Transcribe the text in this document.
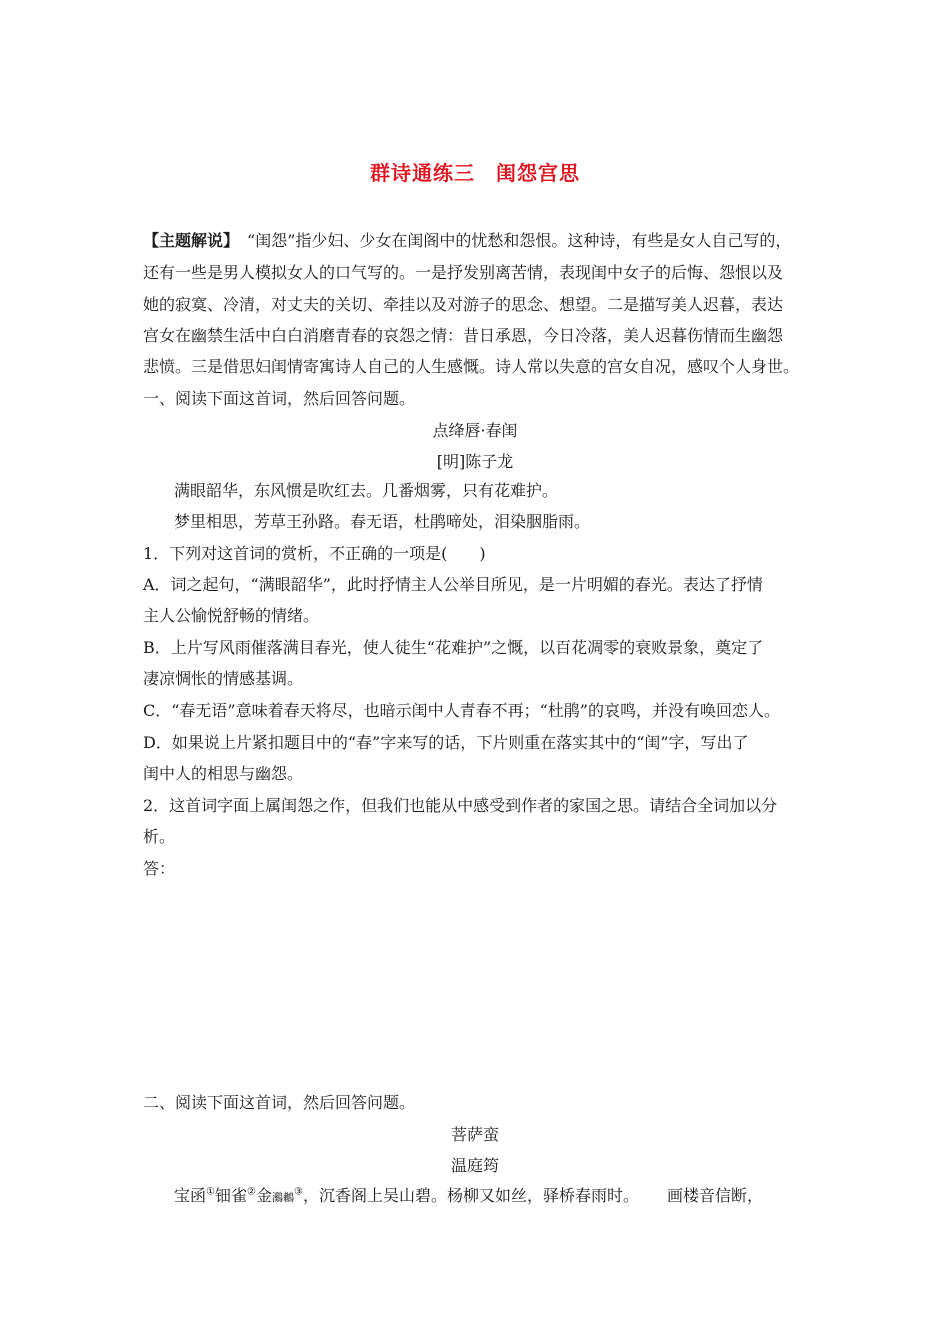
群诗通练三　闺怨宫思
【主题解说】 “闺怨”指少妇、少女在闺阁中的忧愁和怨恨。这种诗，有些是女人自己写的，
还有一些是男人模拟女人的口气写的。一是抒发别离苦情，表现闺中女子的后悔、怨恨以及
她的寂寞、冷清，对丈夫的关切、牵挂以及对游子的思念、想望。二是描写美人迟暮，表达
宫女在幽禁生活中白白消磨青春的哀怨之情：昔日承恩，今日冷落，美人迟暮伤情而生幽怨
悲愤。三是借思妇闺情寄寓诗人自己的人生感慨。诗人常以失意的宫女自况，感叹个人身世。
一、阅读下面这首词，然后回答问题。
点绛唇·春闺
[明]陈子龙
满眼韶华，东风惯是吹红去。几番烟雾，只有花难护。
梦里相思，芳草王孙路。春无语，杜鹃啼处，泪染胭脂雨。
1．下列对这首词的赏析，不正确的一项是(　　)
A．词之起句，“满眼韶华”，此时抒情主人公举目所见，是一片明媚的春光。表达了抒情
主人公愉悦舒畅的情绪。
B．上片写风雨催落满目春光，使人徒生“花难护”之慨，以百花凋零的衰败景象，奠定了
凄凉惆怅的情感基调。
C．“春无语”意味着春天将尽，也暗示闺中人青春不再；“杜鹃”的哀鸣，并没有唤回恋人。
D．如果说上片紧扣题目中的“春”字来写的话，下片则重在落实其中的“闺”字，写出了
闺中人的相思与幽怨。
2．这首词字面上属闺怨之作，但我们也能从中感受到作者的家国之思。请结合全词加以分
析。
答：
二、阅读下面这首词，然后回答问题。
菩萨蛮
温庭筠
宝函①钿雀②金鸂鶒③，沉香阁上吴山碧。杨柳又如丝，驿桥春雨时。 画楼音信断，
